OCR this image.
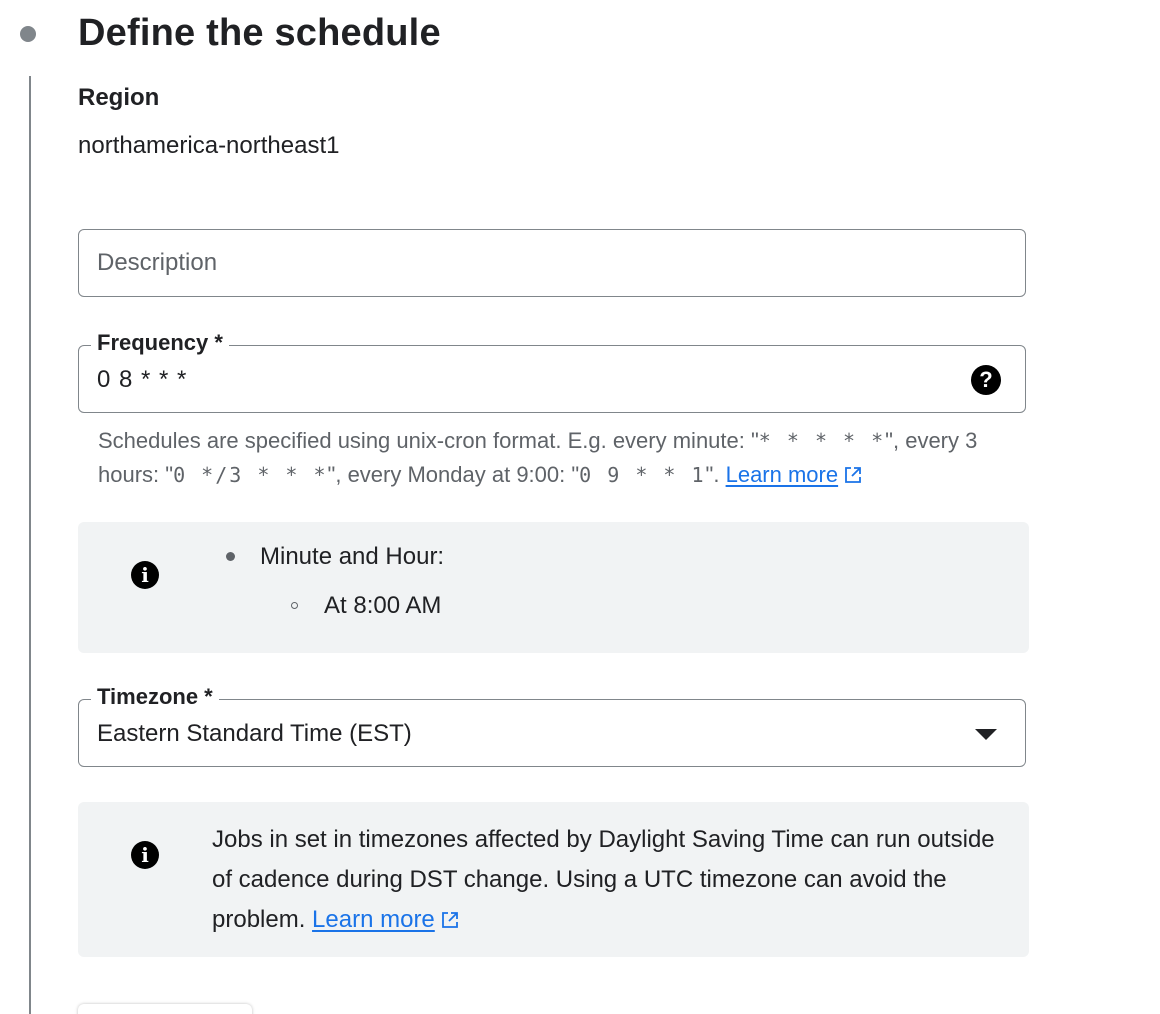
Define the schedule
Region
northamerica-northeast1
Description
Frequency *
0 8 * * *	?
Schedules are specified using unix-cron format. E.g. every minute: "* * * * *", every 3 hours: "0 */3 * * *", every Monday at 9:00: "0 9 * * 1". Learn more
i
Minute and Hour:
At 8:00 AM
Timezone *
Eastern Standard Time (EST)
i
Jobs in set in timezones affected by Daylight Saving Time can run outside of cadence during DST change. Using a UTC timezone can avoid the problem. Learn more
